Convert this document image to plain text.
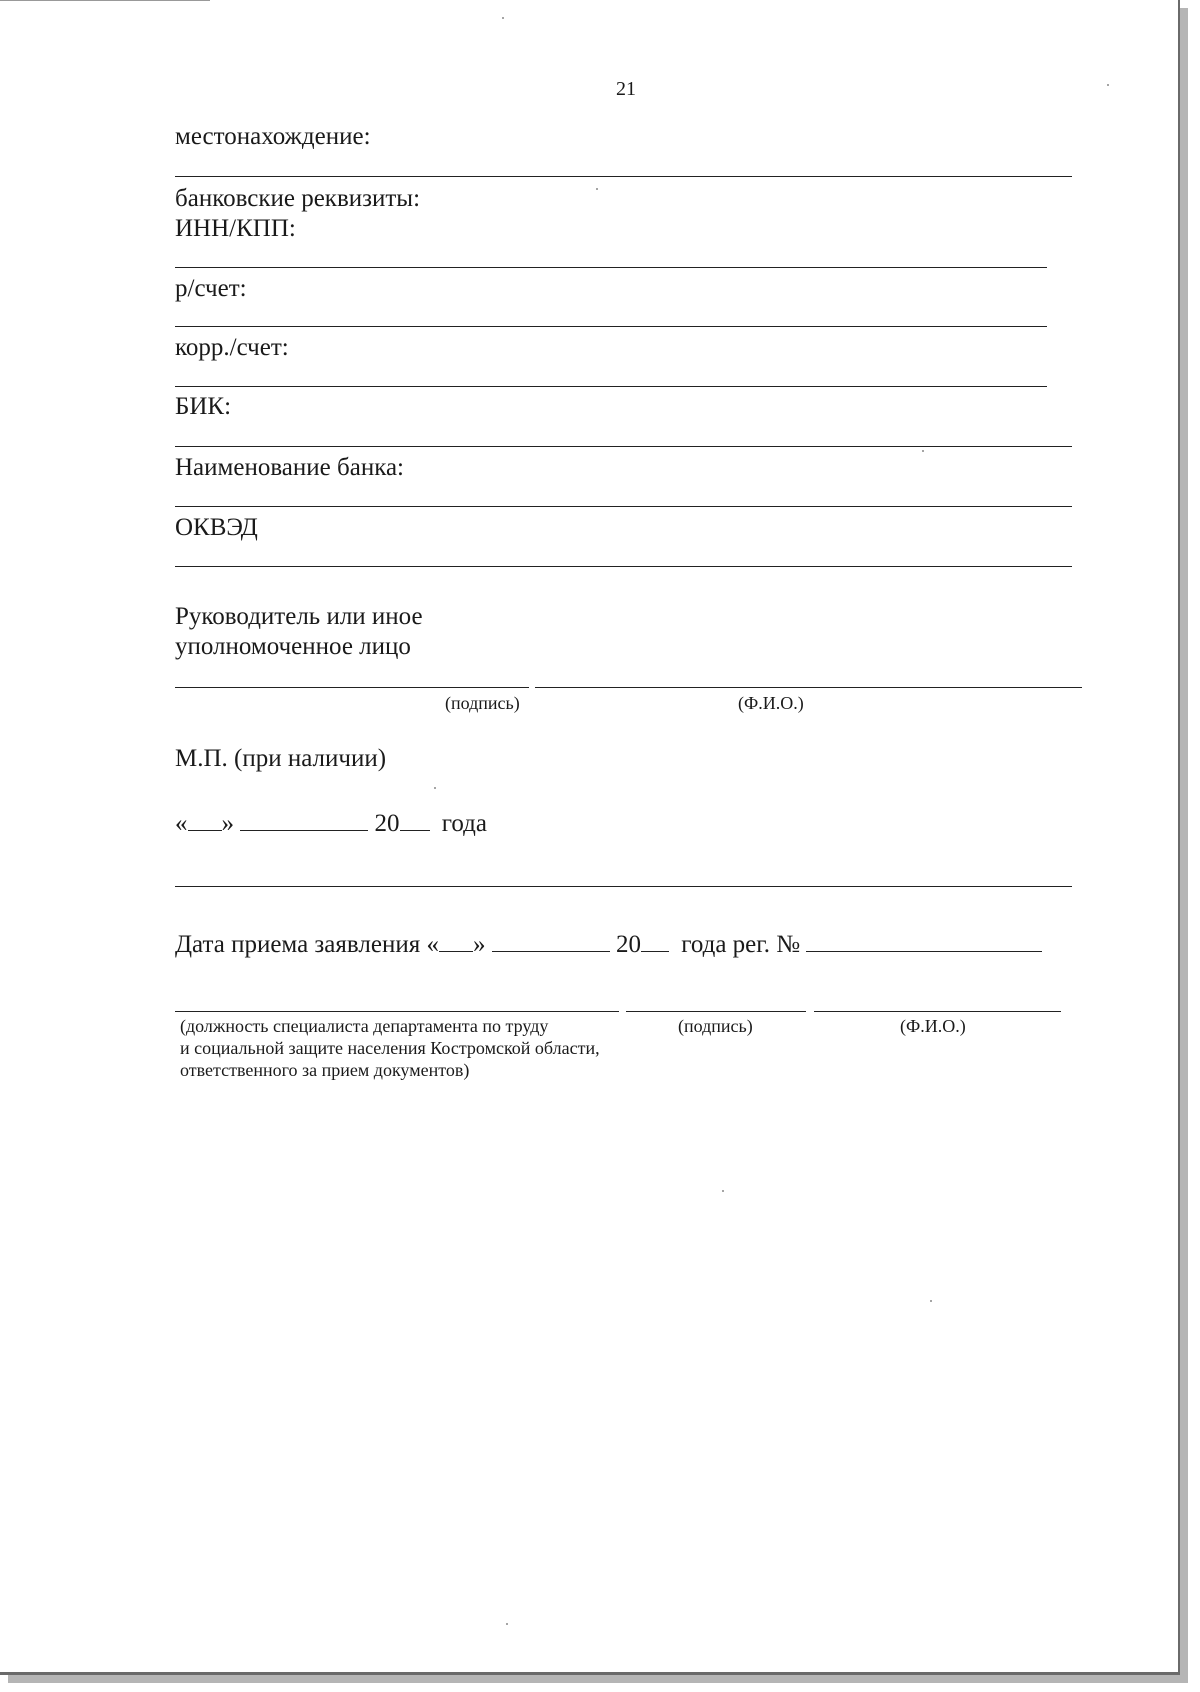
21
местонахождение:
банковские реквизиты:
ИНН/КПП:
р/счет:
корр./счет:
БИК:
Наименование банка:
ОКВЭД
Руководитель или иное
уполномоченное лицо
(подпись)	(Ф.И.О.)
М.П. (при наличии)
« »	20 года
Дата приема заявления « »	20 года рег. №
(должность специалиста департамента по труду
и социальной защите населения Костромской области,
ответственного за прием документов)
(подпись)	(Ф.И.О.)
